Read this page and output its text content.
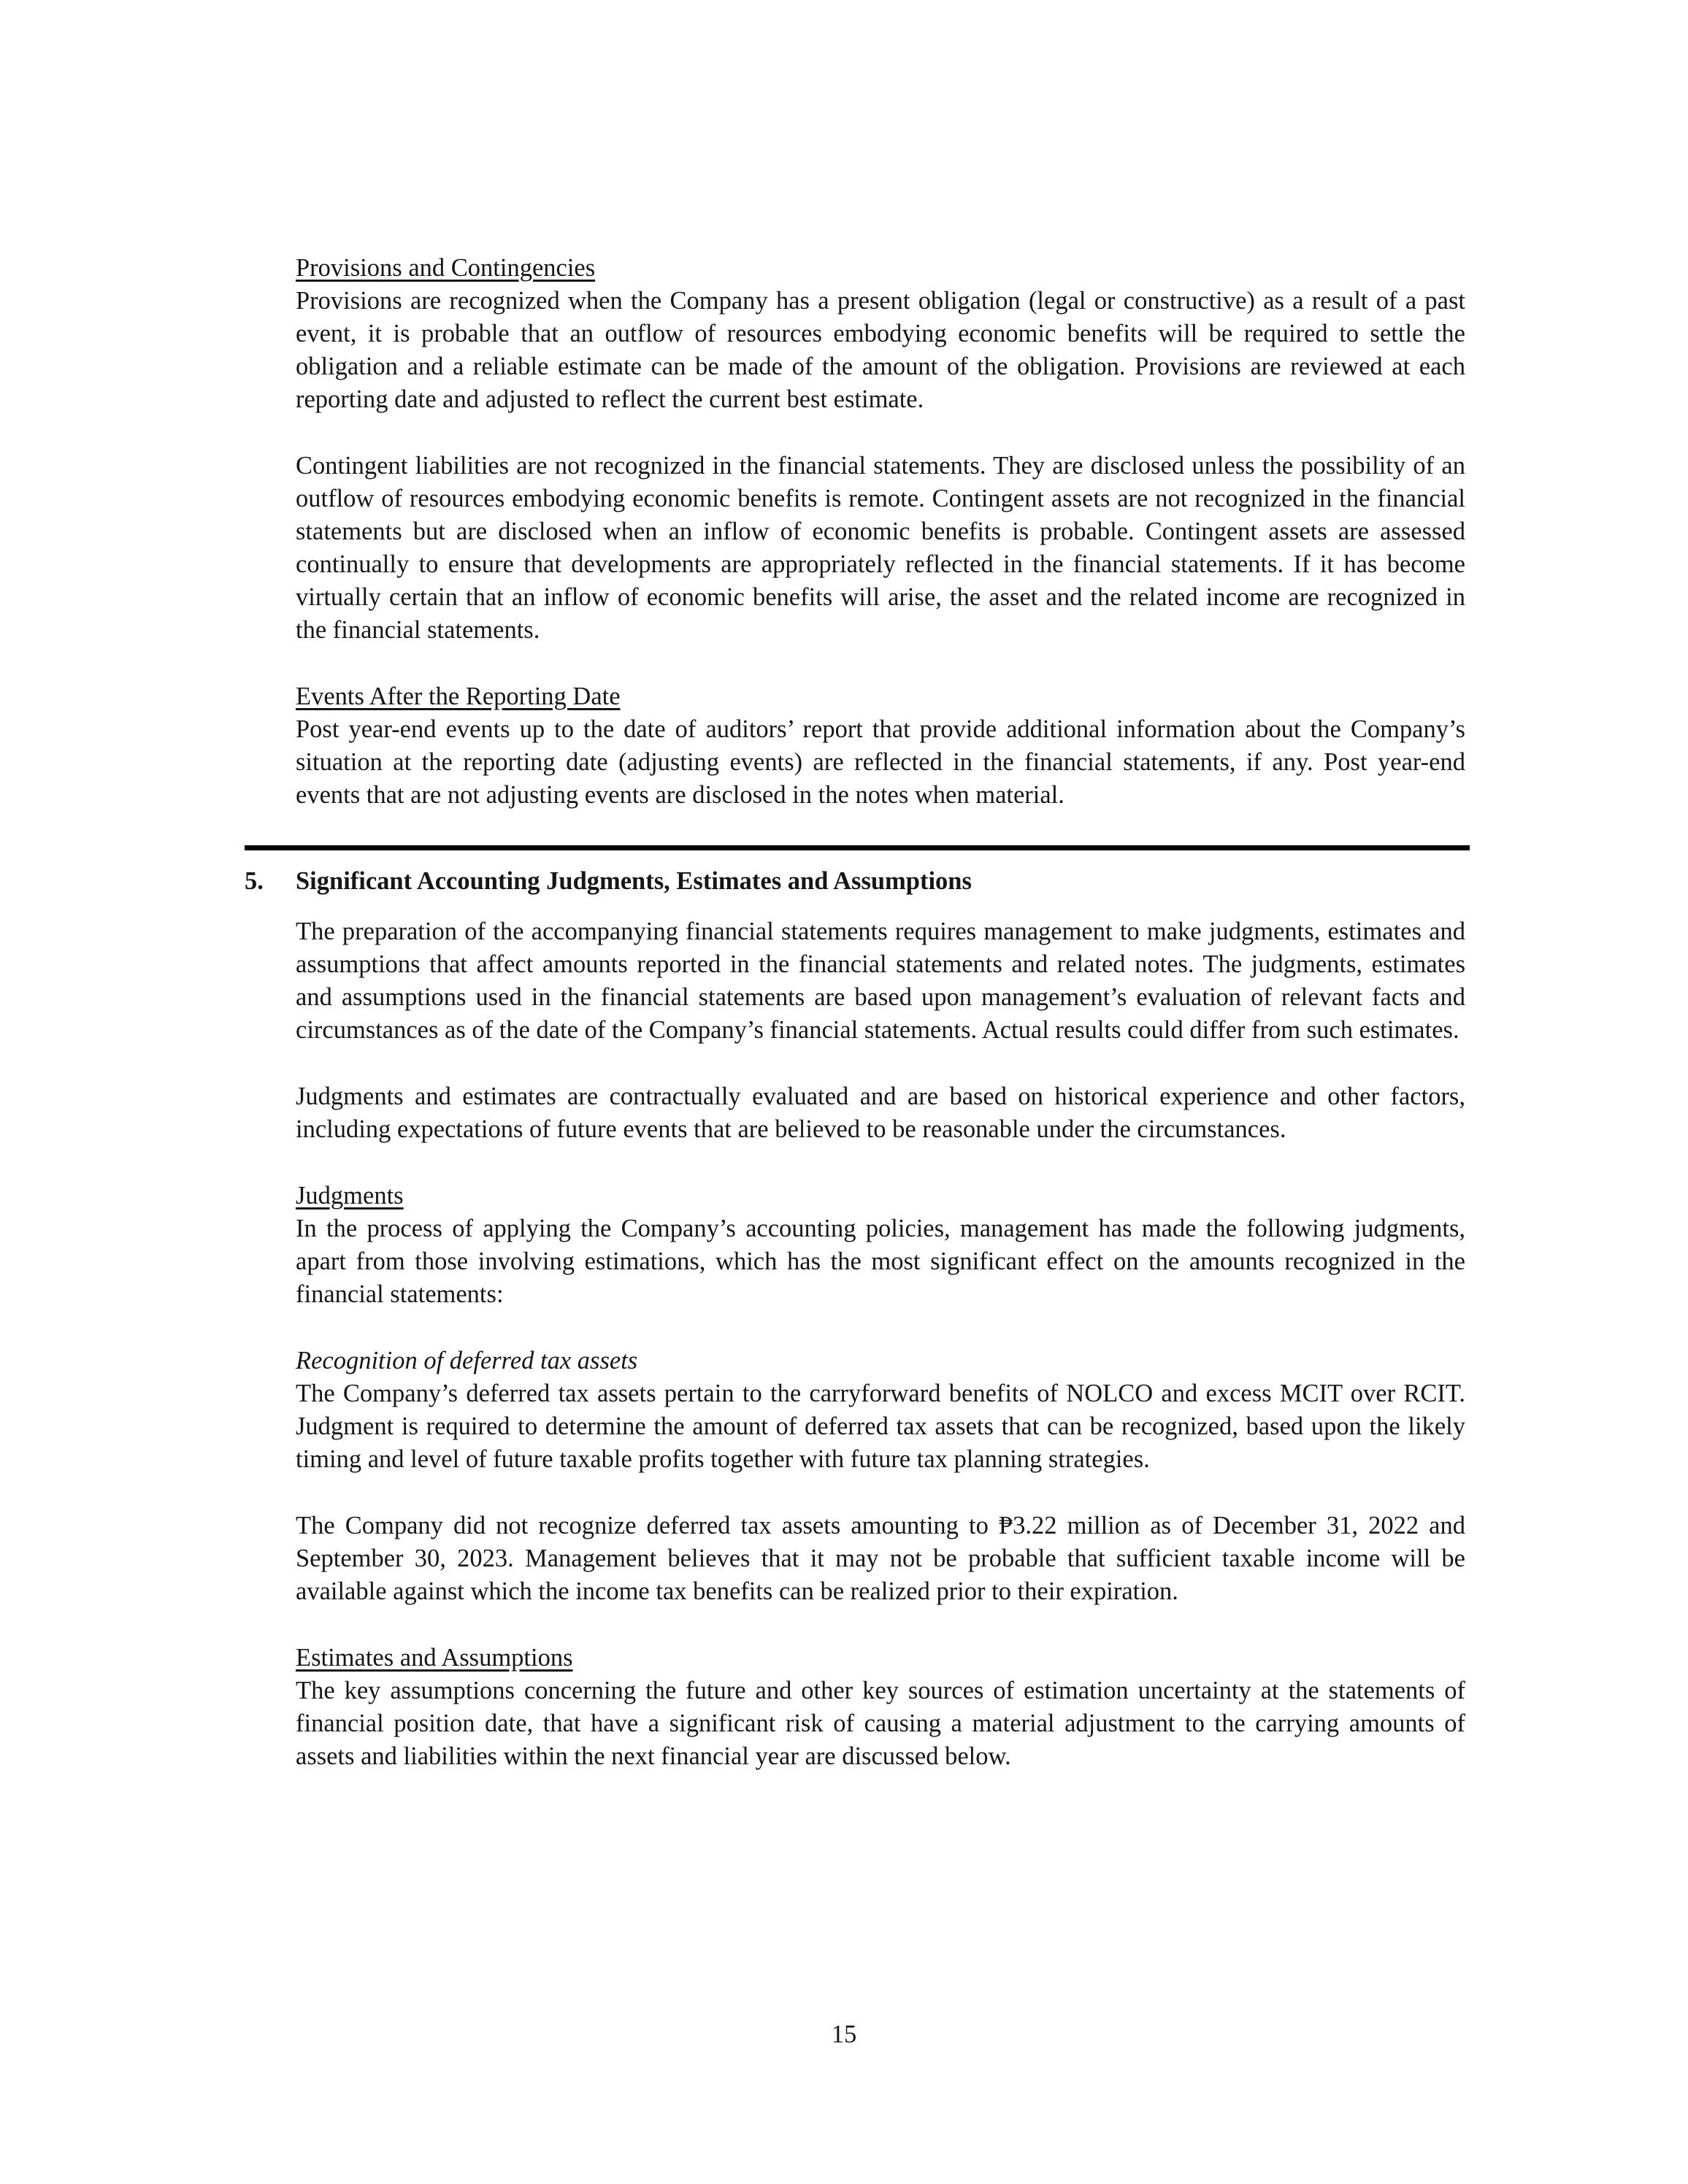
Provisions and Contingencies

Provisions are recognized when the Company has a present obligation (legal or constructive) as a result of a past event, it is probable that an outflow of resources embodying economic benefits will be required to settle the obligation and a reliable estimate can be made of the amount of the obligation. Provisions are reviewed at each reporting date and adjusted to reflect the current best estimate.

Contingent liabilities are not recognized in the financial statements. They are disclosed unless the possibility of an outflow of resources embodying economic benefits is remote. Contingent assets are not recognized in the financial statements but are disclosed when an inflow of economic benefits is probable. Contingent assets are assessed continually to ensure that developments are appropriately reflected in the financial statements. If it has become virtually certain that an inflow of economic benefits will arise, the asset and the related income are recognized in the financial statements.

Events After the Reporting Date

Post year-end events up to the date of auditors’ report that provide additional information about the Company’s situation at the reporting date (adjusting events) are reflected in the financial statements, if any. Post year-end events that are not adjusting events are disclosed in the notes when material.

5.	Significant Accounting Judgments, Estimates and Assumptions

The preparation of the accompanying financial statements requires management to make judgments, estimates and assumptions that affect amounts reported in the financial statements and related notes. The judgments, estimates and assumptions used in the financial statements are based upon management’s evaluation of relevant facts and circumstances as of the date of the Company’s financial statements. Actual results could differ from such estimates.

Judgments and estimates are contractually evaluated and are based on historical experience and other factors, including expectations of future events that are believed to be reasonable under the circumstances.

Judgments

In the process of applying the Company’s accounting policies, management has made the following judgments, apart from those involving estimations, which has the most significant effect on the amounts recognized in the financial statements:

Recognition of deferred tax assets

The Company’s deferred tax assets pertain to the carryforward benefits of NOLCO and excess MCIT over RCIT. Judgment is required to determine the amount of deferred tax assets that can be recognized, based upon the likely timing and level of future taxable profits together with future tax planning strategies.

The Company did not recognize deferred tax assets amounting to ₱3.22 million as of December 31, 2022 and September 30, 2023. Management believes that it may not be probable that sufficient taxable income will be available against which the income tax benefits can be realized prior to their expiration.

Estimates and Assumptions

The key assumptions concerning the future and other key sources of estimation uncertainty at the statements of financial position date, that have a significant risk of causing a material adjustment to the carrying amounts of assets and liabilities within the next financial year are discussed below.

15
